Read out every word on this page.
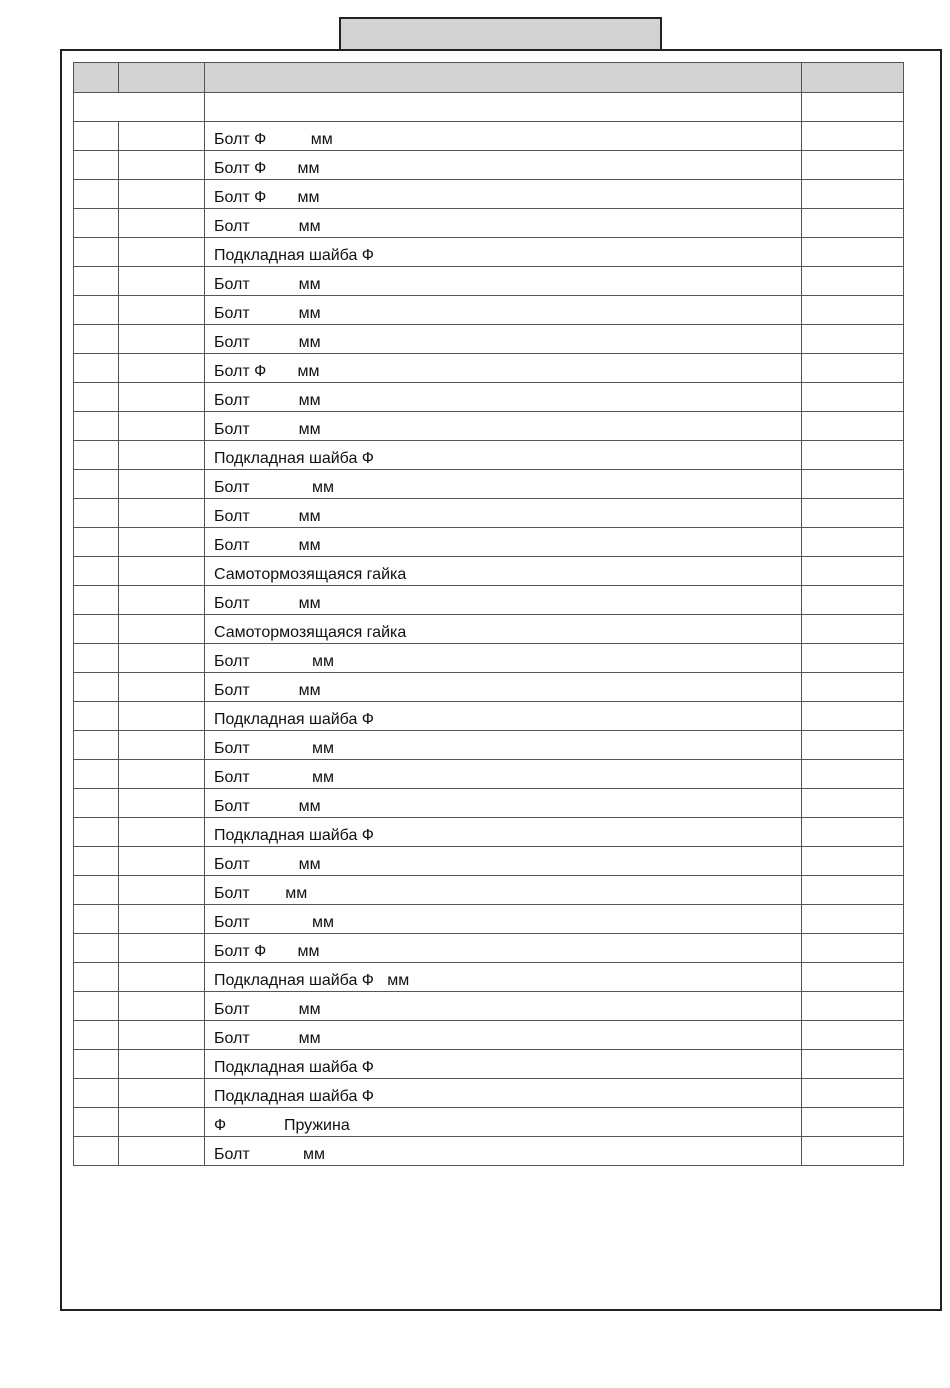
		Болт Ф          мм	
		Болт Ф       мм	
		Болт Ф       мм	
		Болт           мм	
		Подкладная шайба Ф	
		Болт           мм	
		Болт           мм	
		Болт           мм	
		Болт Ф       мм	
		Болт           мм	
		Болт           мм	
		Подкладная шайба Ф	
		Болт              мм	
		Болт           мм	
		Болт           мм	
		Самотормозящаяся гайка	
		Болт           мм	
		Самотормозящаяся гайка	
		Болт              мм	
		Болт           мм	
		Подкладная шайба Ф	
		Болт              мм	
		Болт              мм	
		Болт           мм	
		Подкладная шайба Ф	
		Болт           мм	
		Болт        мм	
		Болт              мм	
		Болт Ф       мм	
		Подкладная шайба Ф   мм	
		Болт           мм	
		Болт           мм	
		Подкладная шайба Ф	
		Подкладная шайба Ф	
		Ф             Пружина	
		Болт            мм	
